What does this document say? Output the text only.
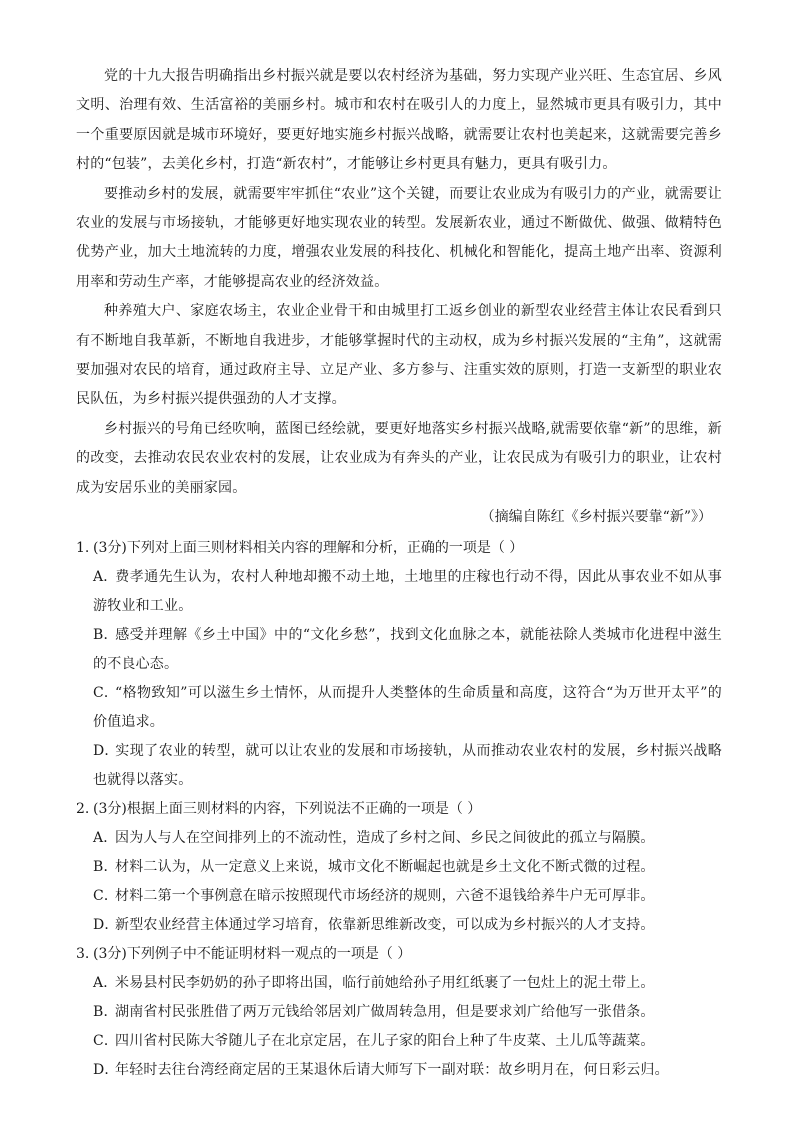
党的十九大报告明确指出乡村振兴就是要以农村经济为基础，努力实现产业兴旺、生态宜居、乡风文明、治理有效、生活富裕的美丽乡村。城市和农村在吸引人的力度上，显然城市更具有吸引力，其中一个重要原因就是城市环境好，要更好地实施乡村振兴战略，就需要让农村也美起来，这就需要完善乡村的“包装”，去美化乡村，打造“新农村”，才能够让乡村更具有魅力，更具有吸引力。

要推动乡村的发展，就需要牢牢抓住“农业”这个关键，而要让农业成为有吸引力的产业，就需要让农业的发展与市场接轨，才能够更好地实现农业的转型。发展新农业，通过不断做优、做强、做精特色优势产业，加大土地流转的力度，增强农业发展的科技化、机械化和智能化，提高土地产出率、资源利用率和劳动生产率，才能够提高农业的经济效益。

种养殖大户、家庭农场主，农业企业骨干和由城里打工返乡创业的新型农业经营主体让农民看到只有不断地自我革新，不断地自我进步，才能够掌握时代的主动权，成为乡村振兴发展的“主角”，这就需要加强对农民的培育，通过政府主导、立足产业、多方参与、注重实效的原则，打造一支新型的职业农民队伍，为乡村振兴提供强劲的人才支撑。

乡村振兴的号角已经吹响，蓝图已经绘就，要更好地落实乡村振兴战略,就需要依靠“新”的思维，新的改变，去推动农民农业农村的发展，让农业成为有奔头的产业，让农民成为有吸引力的职业，让农村成为安居乐业的美丽家园。

（摘编自陈红《乡村振兴要靠“新”》）

1. (3分)下列对上面三则材料相关内容的理解和分析，正确的一项是（ ）

A．费孝通先生认为，农村人种地却搬不动土地，土地里的庄稼也行动不得，因此从事农业不如从事游牧业和工业。

B．感受并理解《乡土中国》中的“文化乡愁”，找到文化血脉之本，就能祛除人类城市化进程中滋生的不良心态。

C．“格物致知”可以滋生乡土情怀，从而提升人类整体的生命质量和高度，这符合“为万世开太平”的价值追求。

D．实现了农业的转型，就可以让农业的发展和市场接轨，从而推动农业农村的发展，乡村振兴战略也就得以落实。

2. (3分)根据上面三则材料的内容，下列说法不正确的一项是（ ）

A．因为人与人在空间排列上的不流动性，造成了乡村之间、乡民之间彼此的孤立与隔膜。

B．材料二认为，从一定意义上来说，城市文化不断崛起也就是乡土文化不断式微的过程。

C．材料二第一个事例意在暗示按照现代市场经济的规则，六爸不退钱给养牛户无可厚非。

D．新型农业经营主体通过学习培育，依靠新思维新改变，可以成为乡村振兴的人才支持。

3. (3分)下列例子中不能证明材料一观点的一项是（ ）

A．米易县村民李奶奶的孙子即将出国，临行前她给孙子用红纸裹了一包灶上的泥土带上。

B．湖南省村民张胜借了两万元钱给邻居刘广做周转急用，但是要求刘广给他写一张借条。

C．四川省村民陈大爷随儿子在北京定居，在儿子家的阳台上种了牛皮菜、土儿瓜等蔬菜。

D．年轻时去往台湾经商定居的王某退休后请大师写下一副对联：故乡明月在，何日彩云归。
